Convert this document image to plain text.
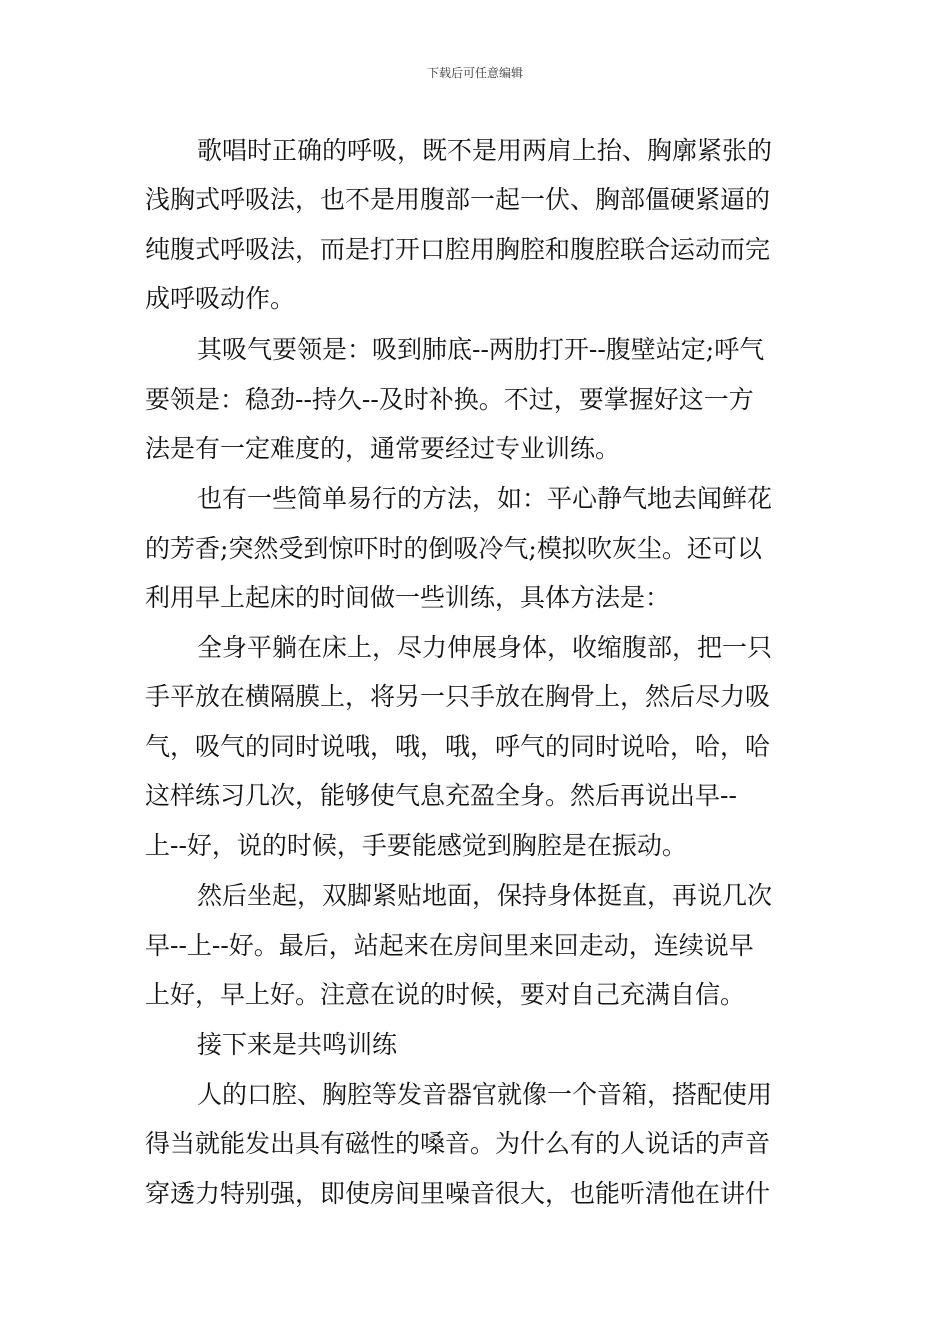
下载后可任意编辑
歌唱时正确的呼吸，既不是用两肩上抬、胸廓紧张的
浅胸式呼吸法，也不是用腹部一起一伏、胸部僵硬紧逼的
纯腹式呼吸法，而是打开口腔用胸腔和腹腔联合运动而完
成呼吸动作。
其吸气要领是：吸到肺底--两肋打开--腹壁站定;呼气
要领是：稳劲--持久--及时补换。不过，要掌握好这一方
法是有一定难度的，通常要经过专业训练。
也有一些简单易行的方法，如：平心静气地去闻鲜花
的芳香;突然受到惊吓时的倒吸冷气;模拟吹灰尘。还可以
利用早上起床的时间做一些训练，具体方法是：
全身平躺在床上，尽力伸展身体，收缩腹部，把一只
手平放在横隔膜上，将另一只手放在胸骨上，然后尽力吸
气，吸气的同时说哦，哦，哦，呼气的同时说哈，哈，哈
这样练习几次，能够使气息充盈全身。然后再说出早--
上--好，说的时候，手要能感觉到胸腔是在振动。
然后坐起，双脚紧贴地面，保持身体挺直，再说几次
早--上--好。最后，站起来在房间里来回走动，连续说早
上好，早上好。注意在说的时候，要对自己充满自信。
接下来是共鸣训练
人的口腔、胸腔等发音器官就像一个音箱，搭配使用
得当就能发出具有磁性的嗓音。为什么有的人说话的声音
穿透力特别强，即使房间里噪音很大，也能听清他在讲什
